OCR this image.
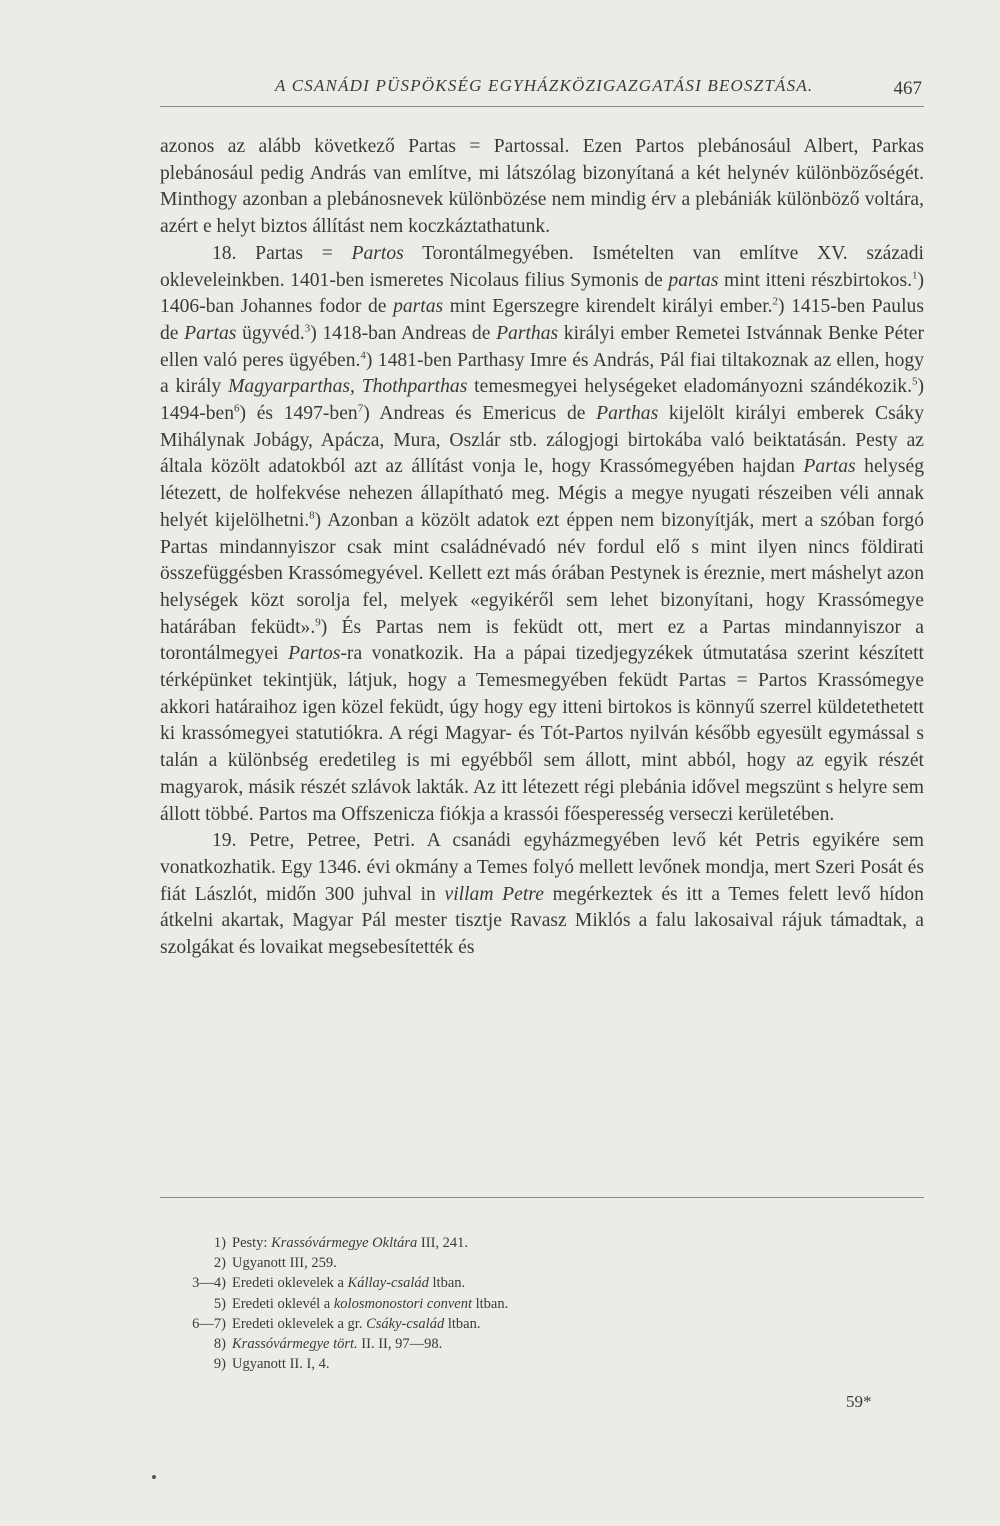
A CSANÁDI PÜSPÖKSÉG EGYHÁZKÖZIGAZGATÁSI BEOSZTÁSA.	467

azonos az alább következő Partas = Partossal. Ezen Partos plebánosául Albert, Parkas plebánosául pedig András van említve, mi látszólag bizonyítaná a két helynév különbözőségét. Minthogy azonban a plebánosnevek különbözése nem mindig érv a plebániák különböző voltára, azért e helyt biztos állítást nem koczkáztathatunk.

18. Partas = Partos Torontálmegyében. Ismételten van említve XV. századi okleveleinkben. 1401-ben ismeretes Nicolaus filius Symonis de partas mint itteni részbirtokos.$^1$) 1406-ban Johannes fodor de partas mint Egerszegre kirendelt királyi ember.$^2$) 1415-ben Paulus de Partas ügyvéd.$^3$) 1418-ban Andreas de Parthas királyi ember Remetei Istvánnak Benke Péter ellen való peres ügyében.$^4$) 1481-ben Parthasy Imre és András, Pál fiai tiltakoznak az ellen, hogy a király Magyarparthas, Thothparthas temesmegyei helységeket eladományozni szándékozik.$^5$) 1494-ben$^6$) és 1497-ben$^7$) Andreas és Emericus de Parthas kijelölt királyi emberek Csáky Mihálynak Jobágy, Apácza, Mura, Oszlár stb. zálogjogi birtokába való beiktatásán. Pesty az általa közölt adatokból azt az állítást vonja le, hogy Krassómegyében hajdan Partas helység létezett, de holfekvése nehezen állapítható meg. Mégis a megye nyugati részeiben véli annak helyét kijelölhetni.$^8$) Azonban a közölt adatok ezt éppen nem bizonyítják, mert a szóban forgó Partas mindannyiszor csak mint családnévadó név fordul elő s mint ilyen nincs földirati összefüggésben Krassómegyével. Kellett ezt más órában Pestynek is éreznie, mert máshelyt azon helységek közt sorolja fel, melyek «egyikéről sem lehet bizonyítani, hogy Krassómegye határában feküdt».$^9$) És Partas nem is feküdt ott, mert ez a Partas mindannyiszor a torontálmegyei Partos-ra vonatkozik. Ha a pápai tizedjegyzékek útmutatása szerint készített térképünket tekintjük, látjuk, hogy a Temesmegyében feküdt Partas = Partos Krassómegye akkori határaihoz igen közel feküdt, úgy hogy egy itteni birtokos is könnyű szerrel küldetethetett ki krassómegyei statutiókra. A régi Magyar- és Tót-Partos nyilván később egyesült egymással s talán a különbség eredetileg is mi egyébből sem állott, mint abból, hogy az egyik részét magyarok, másik részét szlávok lakták. Az itt létezett régi plebánia idővel megszünt s helyre sem állott többé. Partos ma Offszenicza fiókja a krassói főesperesség verseczi kerületében.

19. Petre, Petree, Petri. A csanádi egyházmegyében levő két Petris egyikére sem vonatkozhatik. Egy 1346. évi okmány a Temes folyó mellett levőnek mondja, mert Szeri Posát és fiát Lászlót, midőn 300 juhval in villam Petre megérkeztek és itt a Temes felett levő hídon átkelni akartak, Magyar Pál mester tisztje Ravasz Miklós a falu lakosaival rájuk támadtak, a szolgákat és lovaikat megsebesítették és

1) Pesty: Krassóvármegye Okltára III, 241.
2) Ugyanott III, 259.
3—4) Eredeti oklevelek a Kállay-család ltban.
5) Eredeti oklevél a kolosmonostori convent ltban.
6—7) Eredeti oklevelek a gr. Csáky-család ltban.
8) Krassóvármegye tört. II. II, 97—98.
9) Ugyanott II. I, 4.
59*
